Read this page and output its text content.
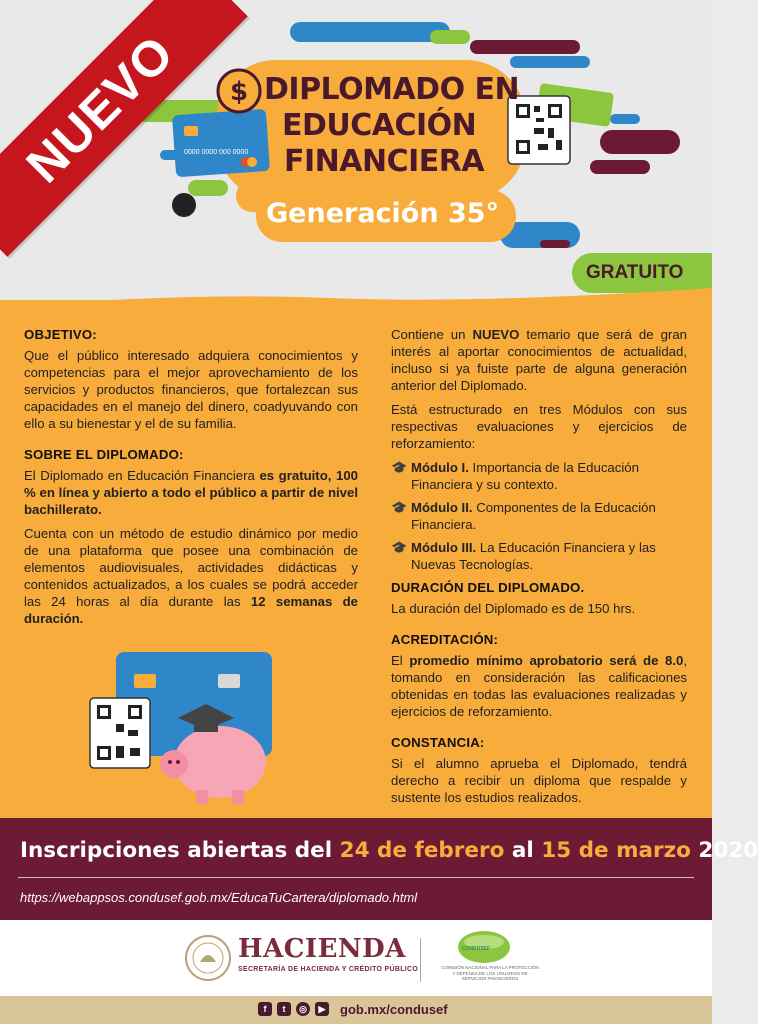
0000 0000 000 0000
$
NUEVO	DIPLOMADO EN
EDUCACIÓN
FINANCIERA
Generación 35°
GRATUITO
OBJETIVO:

Que el público interesado adquiera conocimientos y competencias para el mejor aprovechamiento de los servicios y productos financieros, que fortalezcan sus capacidades en el manejo del dinero, coadyuvando con ello a su bienestar y el de su familia.

SOBRE EL DIPLOMADO:

El Diplomado en Educación Financiera es gratuito, 100 % en línea y abierto a todo el público a partir de nivel bachillerato.

Cuenta con un método de estudio dinámico por medio de una plataforma que posee una combinación de elementos audiovisuales, actividades didácticas y contenidos actualizados, a los cuales se podrá acceder las 24 horas al día durante las 12 semanas de duración.

Contiene un NUEVO temario que será de gran interés al aportar conocimientos de actualidad, incluso si ya fuiste parte de alguna generación anterior del Diplomado.

Está estructurado en tres Módulos con sus respectivas evaluaciones y ejercicios de reforzamiento:

🎓 Módulo I. Importancia de la Educación Financiera y su contexto.
🎓 Módulo II. Componentes de la Educación Financiera.
🎓 Módulo III. La Educación Financiera y las Nuevas Tecnologías.
DURACIÓN DEL DIPLOMADO.

La duración del Diplomado es de 150 hrs.

ACREDITACIÓN:

El promedio mínimo aprobatorio será de 8.0, tomando en consideración las calificaciones obtenidas en todas las evaluaciones realizadas y ejercicios de reforzamiento.

CONSTANCIA:

Si el alumno aprueba el Diplomado, tendrá derecho a recibir un diploma que respalde y sustente los estudios realizados.

Inscripciones abiertas del 24 de febrero al 15 de marzo 2020
https://webappsos.condusef.gob.mx/EducaTuCartera/diplomado.html
HACIENDA
SECRETARÍA DE HACIENDA Y CRÉDITO PÚBLICO
CONDUSEF
COMISIÓN NACIONAL PARA LA PROTECCIÓN Y DEFENSA DE LOS USUARIOS DE SERVICIOS FINANCIEROS
f	t	◎	▶ gob.mx/condusef
